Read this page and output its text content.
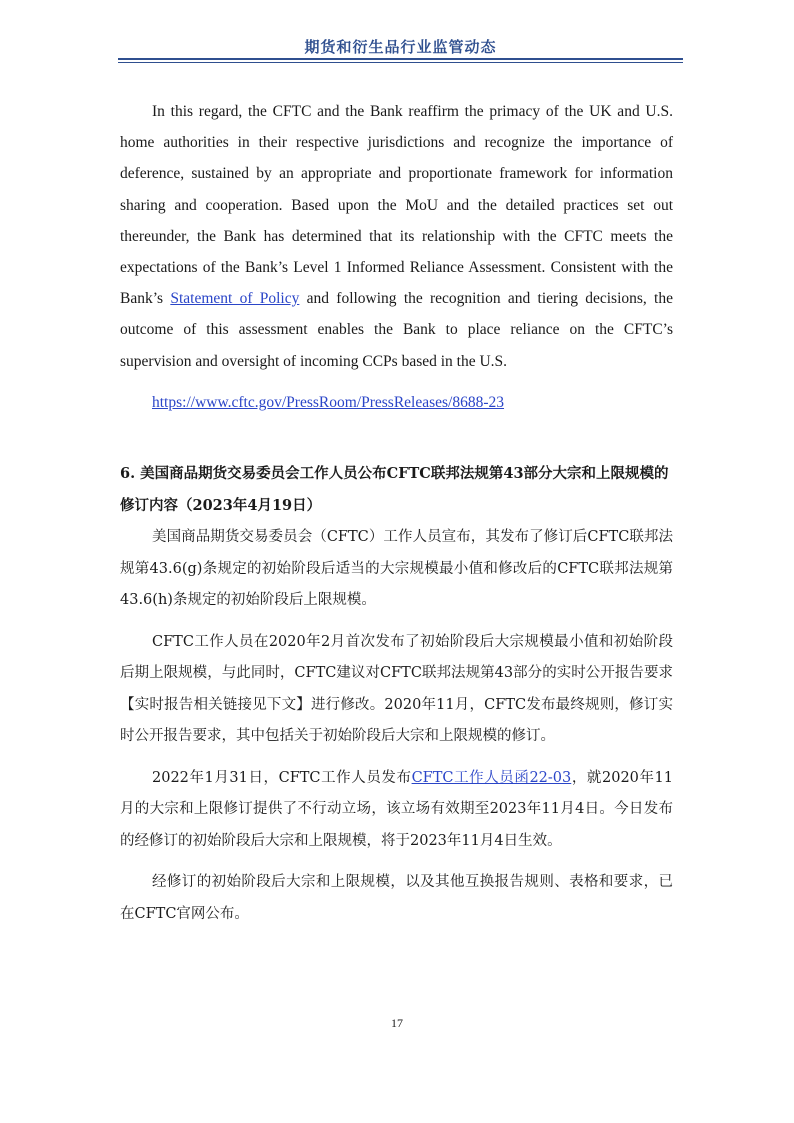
期货和衍生品行业监管动态

In this regard, the CFTC and the Bank reaffirm the primacy of the UK and U.S. home authorities in their respective jurisdictions and recognize the importance of deference, sustained by an appropriate and proportionate framework for information sharing and cooperation. Based upon the MoU and the detailed practices set out thereunder, the Bank has determined that its relationship with the CFTC meets the expectations of the Bank’s Level 1 Informed Reliance Assessment. Consistent with the Bank’s Statement of Policy and following the recognition and tiering decisions, the outcome of this assessment enables the Bank to place reliance on the CFTC’s supervision and oversight of incoming CCPs based in the U.S.

https://www.cftc.gov/PressRoom/PressReleases/8688-23

6. 美国商品期货交易委员会工作人员公布CFTC联邦法规第43部分大宗和上限规模的修订内容（2023年4月19日）

美国商品期货交易委员会（CFTC）工作人员宣布，其发布了修订后CFTC联邦法规第43.6(g)条规定的初始阶段后适当的大宗规模最小值和修改后的CFTC联邦法规第43.6(h)条规定的初始阶段后上限规模。

CFTC工作人员在2020年2月首次发布了初始阶段后大宗规模最小值和初始阶段后期上限规模，与此同时，CFTC建议对CFTC联邦法规第43部分的实时公开报告要求【实时报告相关链接见下文】进行修改。2020年11月，CFTC发布最终规则，修订实时公开报告要求，其中包括关于初始阶段后大宗和上限规模的修订。

2022年1月31日，CFTC工作人员发布CFTC工作人员函22-03，就2020年11月的大宗和上限修订提供了不行动立场，该立场有效期至2023年11月4日。今日发布的经修订的初始阶段后大宗和上限规模，将于2023年11月4日生效。

经修订的初始阶段后大宗和上限规模，以及其他互换报告规则、表格和要求，已在CFTC官网公布。

17
